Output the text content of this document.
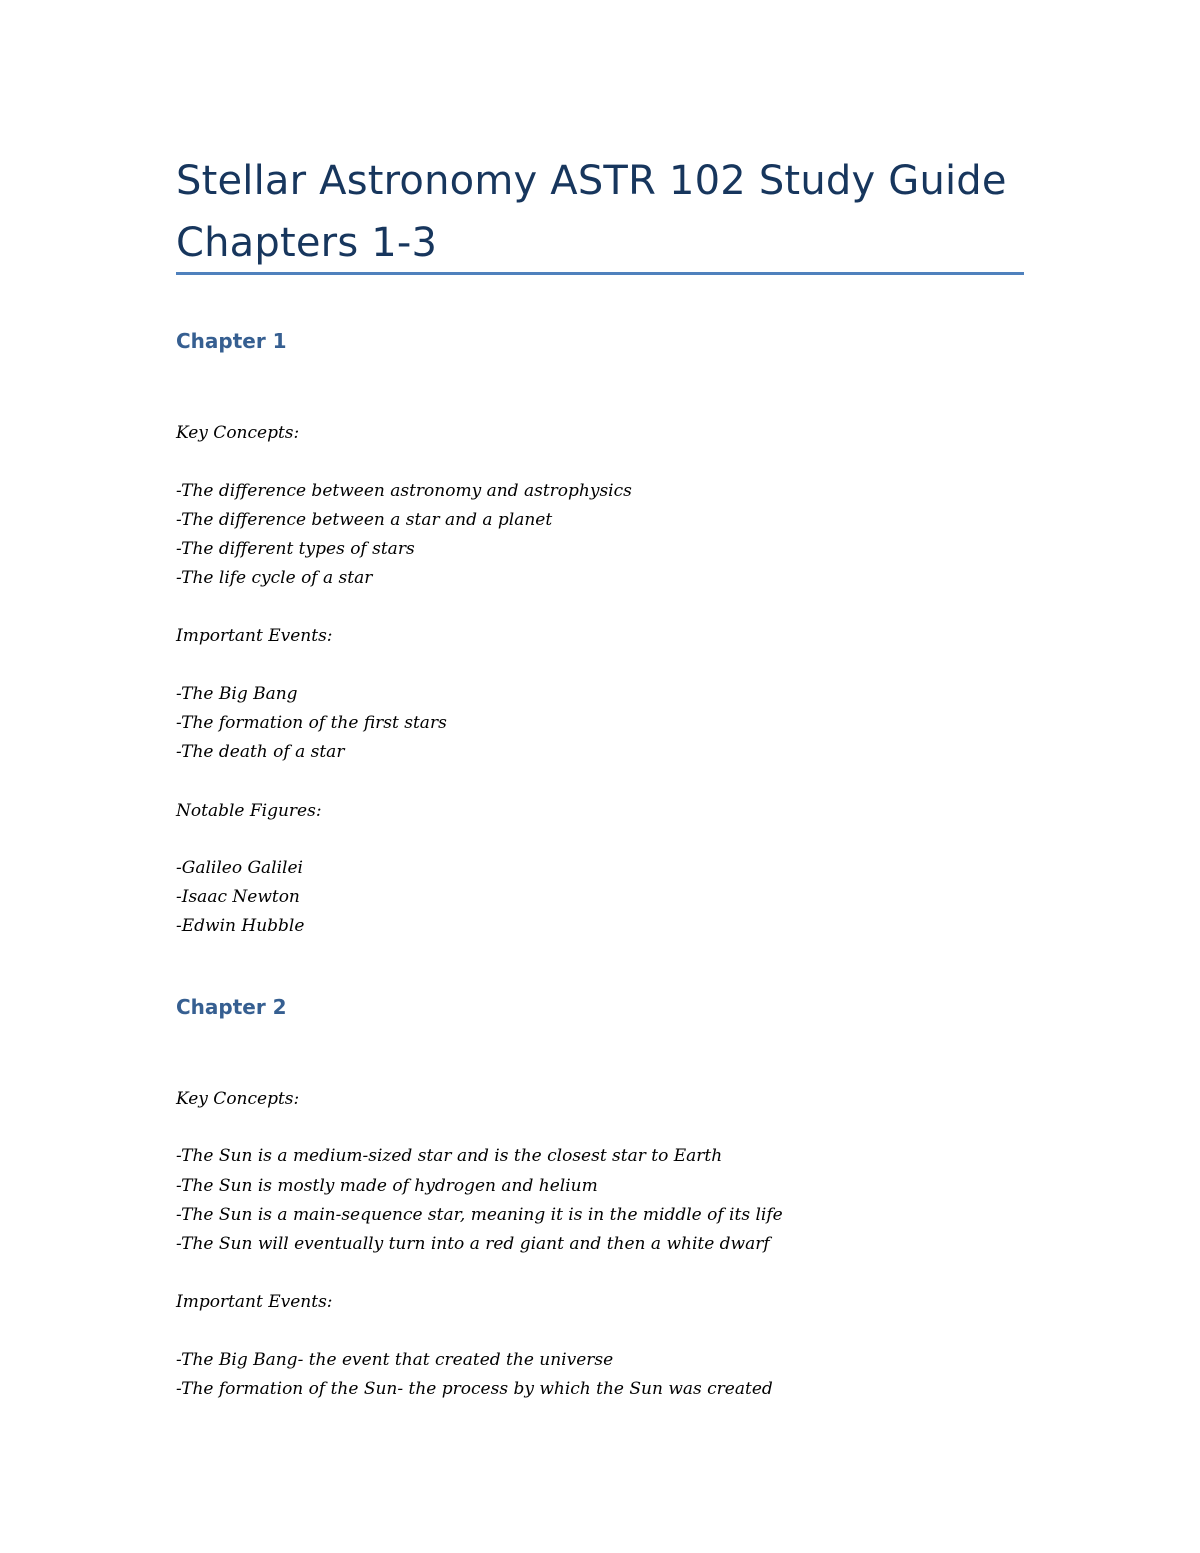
Stellar Astronomy ASTR 102 Study Guide Chapters 1-3
Chapter 1

Key Concepts:

-The difference between astronomy and astrophysics

-The difference between a star and a planet

-The different types of stars

-The life cycle of a star

Important Events:

-The Big Bang

-The formation of the first stars

-The death of a star

Notable Figures:

-Galileo Galilei

-Isaac Newton

-Edwin Hubble

Chapter 2

Key Concepts:

-The Sun is a medium-sized star and is the closest star to Earth

-The Sun is mostly made of hydrogen and helium

-The Sun is a main-sequence star, meaning it is in the middle of its life

-The Sun will eventually turn into a red giant and then a white dwarf

Important Events:

-The Big Bang- the event that created the universe

-The formation of the Sun- the process by which the Sun was created
